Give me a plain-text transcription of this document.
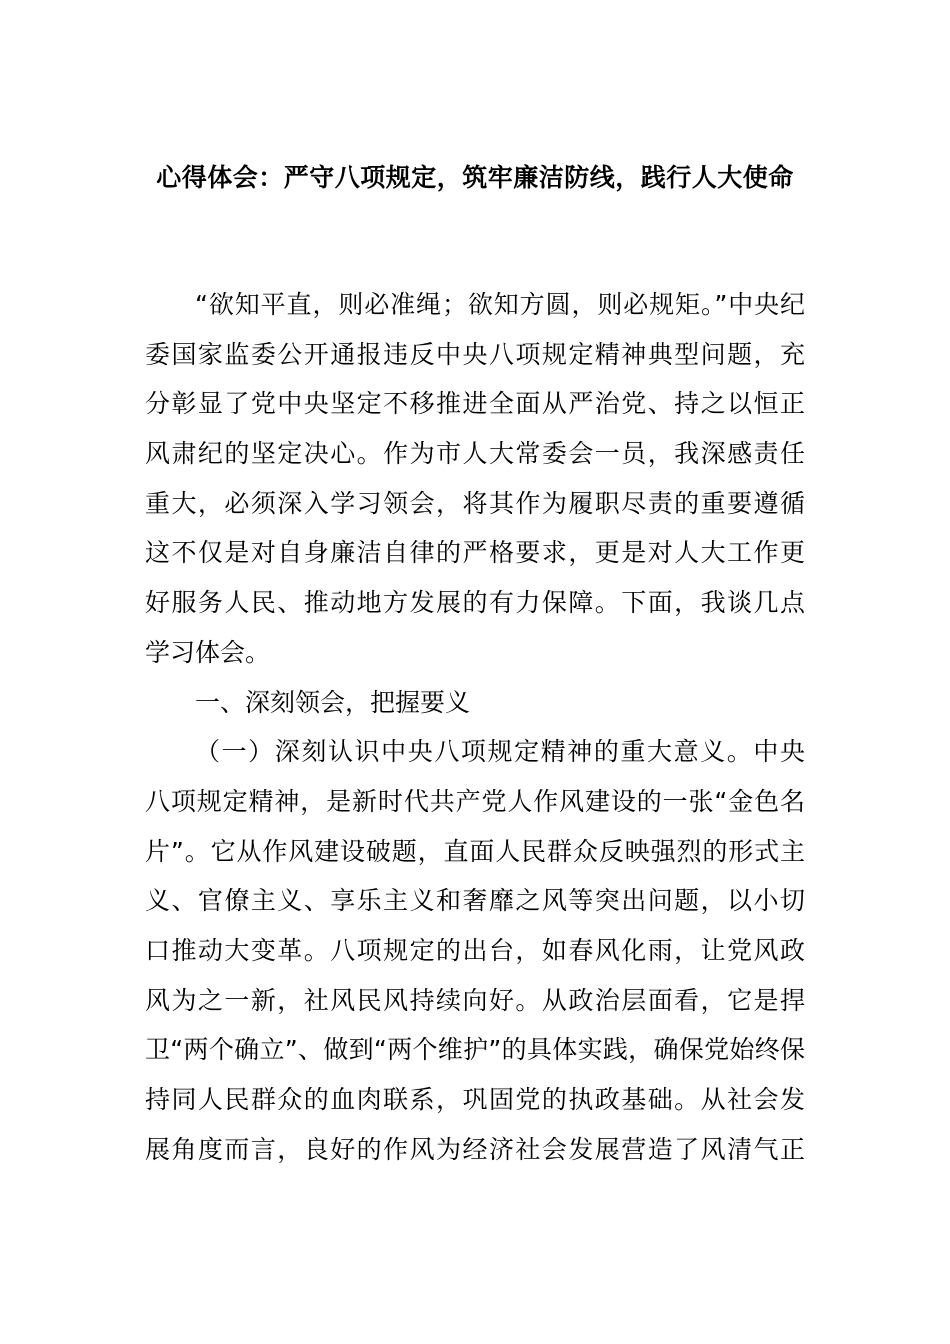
心得体会：严守八项规定，筑牢廉洁防线，践行人大使命
“欲知平直，则必准绳；欲知方圆，则必规矩。”中央纪
委国家监委公开通报违反中央八项规定精神典型问题，充
分彰显了党中央坚定不移推进全面从严治党、持之以恒正
风肃纪的坚定决心。作为市人大常委会一员，我深感责任
重大，必须深入学习领会，将其作为履职尽责的重要遵循
这不仅是对自身廉洁自律的严格要求，更是对人大工作更
好服务人民、推动地方发展的有力保障。下面，我谈几点
学习体会。
一、深刻领会，把握要义
（一）深刻认识中央八项规定精神的重大意义。中央
八项规定精神，是新时代共产党人作风建设的一张“金色名
片”。它从作风建设破题，直面人民群众反映强烈的形式主
义、官僚主义、享乐主义和奢靡之风等突出问题，以小切
口推动大变革。八项规定的出台，如春风化雨，让党风政
风为之一新，社风民风持续向好。从政治层面看，它是捍
卫“两个确立”、做到“两个维护”的具体实践，确保党始终保
持同人民群众的血肉联系，巩固党的执政基础。从社会发
展角度而言，良好的作风为经济社会发展营造了风清气正
